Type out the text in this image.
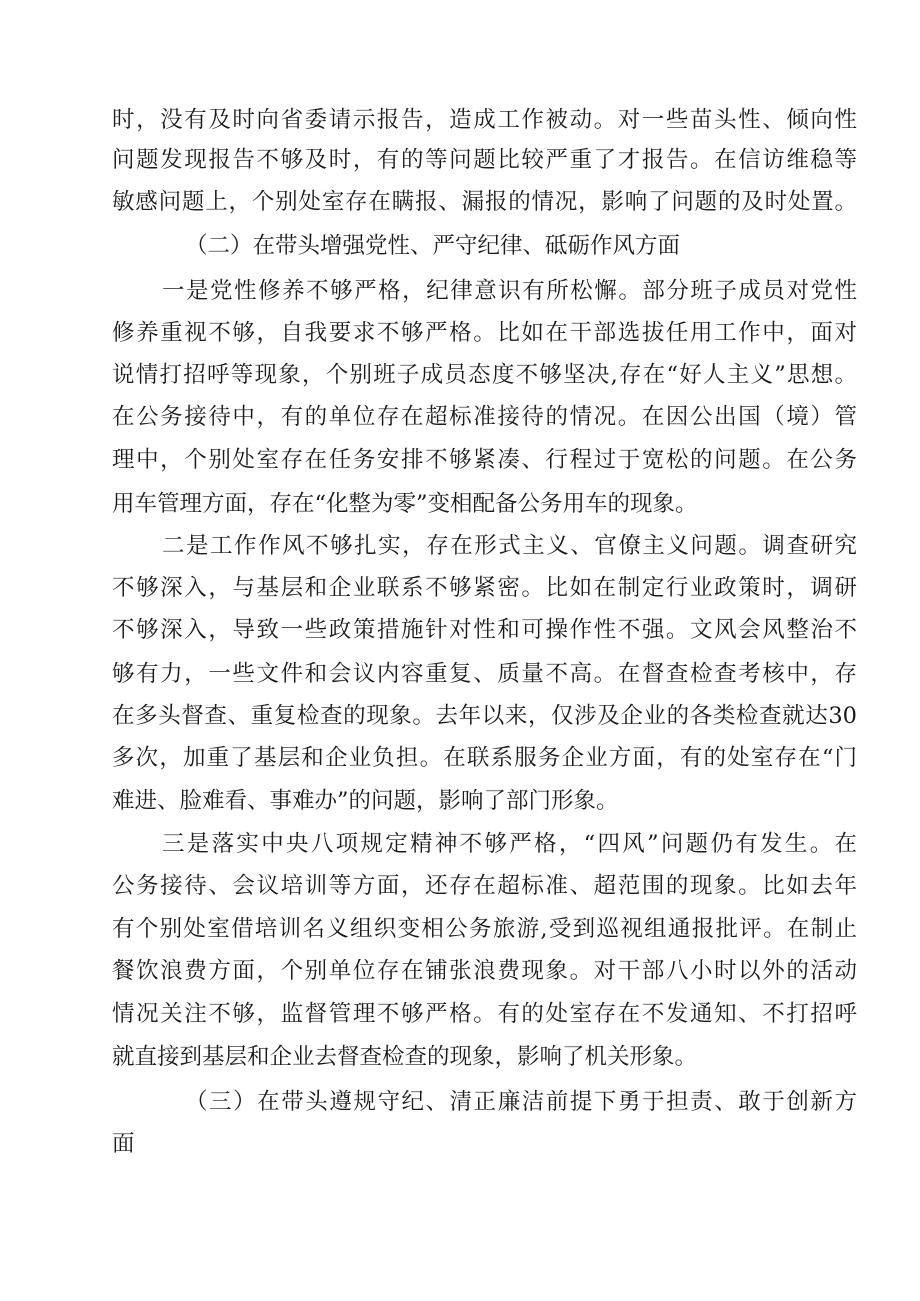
时，没有及时向省委请示报告，造成工作被动。对一些苗头性、倾向性
问题发现报告不够及时，有的等问题比较严重了才报告。在信访维稳等
敏感问题上，个别处室存在瞒报、漏报的情况，影响了问题的及时处置。
（二）在带头增强党性、严守纪律、砥砺作风方面
一是党性修养不够严格，纪律意识有所松懈。部分班子成员对党性
修养重视不够，自我要求不够严格。比如在干部选拔任用工作中，面对
说情打招呼等现象，个别班子成员态度不够坚决,存在“好人主义”思想。
在公务接待中，有的单位存在超标准接待的情况。在因公出国（境）管
理中，个别处室存在任务安排不够紧凑、行程过于宽松的问题。在公务
用车管理方面，存在“化整为零”变相配备公务用车的现象。
二是工作作风不够扎实，存在形式主义、官僚主义问题。调查研究
不够深入，与基层和企业联系不够紧密。比如在制定行业政策时，调研
不够深入，导致一些政策措施针对性和可操作性不强。文风会风整治不
够有力，一些文件和会议内容重复、质量不高。在督查检查考核中，存
在多头督查、重复检查的现象。去年以来，仅涉及企业的各类检查就达30
多次，加重了基层和企业负担。在联系服务企业方面，有的处室存在“门
难进、脸难看、事难办”的问题，影响了部门形象。
三是落实中央八项规定精神不够严格，“四风”问题仍有发生。在
公务接待、会议培训等方面，还存在超标准、超范围的现象。比如去年
有个别处室借培训名义组织变相公务旅游,受到巡视组通报批评。在制止
餐饮浪费方面，个别单位存在铺张浪费现象。对干部八小时以外的活动
情况关注不够，监督管理不够严格。有的处室存在不发通知、不打招呼
就直接到基层和企业去督查检查的现象，影响了机关形象。
（三）在带头遵规守纪、清正廉洁前提下勇于担责、敢于创新方
面
